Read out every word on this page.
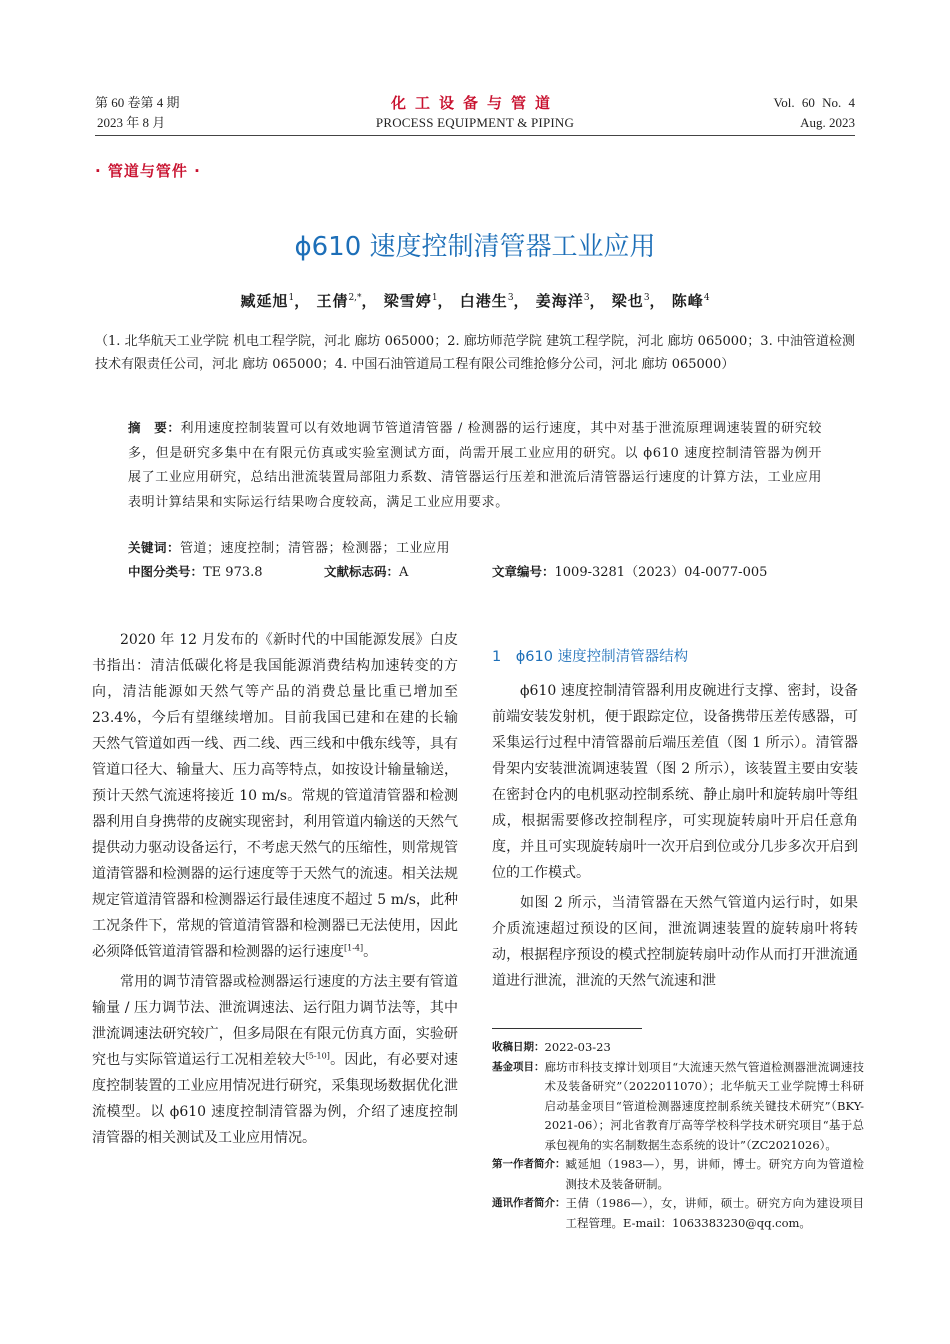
第 60 卷第 4 期
2023 年 8 月
化工设备与管道
PROCESS EQUIPMENT & PIPING
Vol. 60 No. 4
Aug. 2023
· 管道与管件 ·
ϕ610 速度控制清管器工业应用
臧延旭$^1$， 王倩$^{2,*}$， 梁雪婷$^1$， 白港生$^3$， 姜海洋$^3$， 梁也$^3$， 陈峰$^4$
（1. 北华航天工业学院 机电工程学院，河北 廊坊 065000；2. 廊坊师范学院 建筑工程学院，河北 廊坊 065000；3. 中油管道检测技术有限责任公司，河北 廊坊 065000；4. 中国石油管道局工程有限公司维抢修分公司，河北 廊坊 065000）
摘　要：利用速度控制装置可以有效地调节管道清管器 / 检测器的运行速度，其中对基于泄流原理调速装置的研究较多，但是研究多集中在有限元仿真或实验室测试方面，尚需开展工业应用的研究。以 ϕ610 速度控制清管器为例开展了工业应用研究，总结出泄流装置局部阻力系数、清管器运行压差和泄流后清管器运行速度的计算方法，工业应用表明计算结果和实际运行结果吻合度较高，满足工业应用要求。
关键词：管道；速度控制；清管器；检测器；工业应用
中图分类号：TE 973.8	文献标志码：A	文章编号：1009-3281（2023）04-0077-005

2020 年 12 月发布的《新时代的中国能源发展》白皮书指出：清洁低碳化将是我国能源消费结构加速转变的方向，清洁能源如天然气等产品的消费总量比重已增加至 23.4%，今后有望继续增加。目前我国已建和在建的长输天然气管道如西一线、西二线、西三线和中俄东线等，具有管道口径大、输量大、压力高等特点，如按设计输量输送，预计天然气流速将接近 10 m/s。常规的管道清管器和检测器利用自身携带的皮碗实现密封，利用管道内输送的天然气提供动力驱动设备运行，不考虑天然气的压缩性，则常规管道清管器和检测器的运行速度等于天然气的流速。相关法规规定管道清管器和检测器运行最佳速度不超过 5 m/s，此种工况条件下，常规的管道清管器和检测器已无法使用，因此必须降低管道清管器和检测器的运行速度[1-4]。

常用的调节清管器或检测器运行速度的方法主要有管道输量 / 压力调节法、泄流调速法、运行阻力调节法等，其中泄流调速法研究较广，但多局限在有限元仿真方面，实验研究也与实际管道运行工况相差较大[5-10]。因此，有必要对速度控制装置的工业应用情况进行研究，采集现场数据优化泄流模型。以 ϕ610 速度控制清管器为例，介绍了速度控制清管器的相关测试及工业应用情况。

1　ϕ610 速度控制清管器结构

ϕ610 速度控制清管器利用皮碗进行支撑、密封，设备前端安装发射机，便于跟踪定位，设备携带压差传感器，可采集运行过程中清管器前后端压差值（图 1 所示）。清管器骨架内安装泄流调速装置（图 2 所示），该装置主要由安装在密封仓内的电机驱动控制系统、静止扇叶和旋转扇叶等组成，根据需要修改控制程序，可实现旋转扇叶开启任意角度，并且可实现旋转扇叶一次开启到位或分几步多次开启到位的工作模式。

如图 2 所示，当清管器在天然气管道内运行时，如果介质流速超过预设的区间，泄流调速装置的旋转扇叶将转动，根据程序预设的模式控制旋转扇叶动作从而打开泄流通道进行泄流，泄流的天然气流速和泄

收稿日期： 2022-03-23
基金项目： 廊坊市科技支撑计划项目“大流速天然气管道检测器泄流调速技术及装备研究”（2022011070）；北华航天工业学院博士科研启动基金项目“管道检测器速度控制系统关键技术研究”（BKY-2021-06）；河北省教育厅高等学校科学技术研究项目“基于总承包视角的实名制数据生态系统的设计”（ZC2021026）。
第一作者简介： 臧延旭（1983—），男，讲师，博士。研究方向为管道检测技术及装备研制。
通讯作者简介： 王倩（1986—），女，讲师，硕士。研究方向为建设项目工程管理。E-mail：1063383230@qq.com。
